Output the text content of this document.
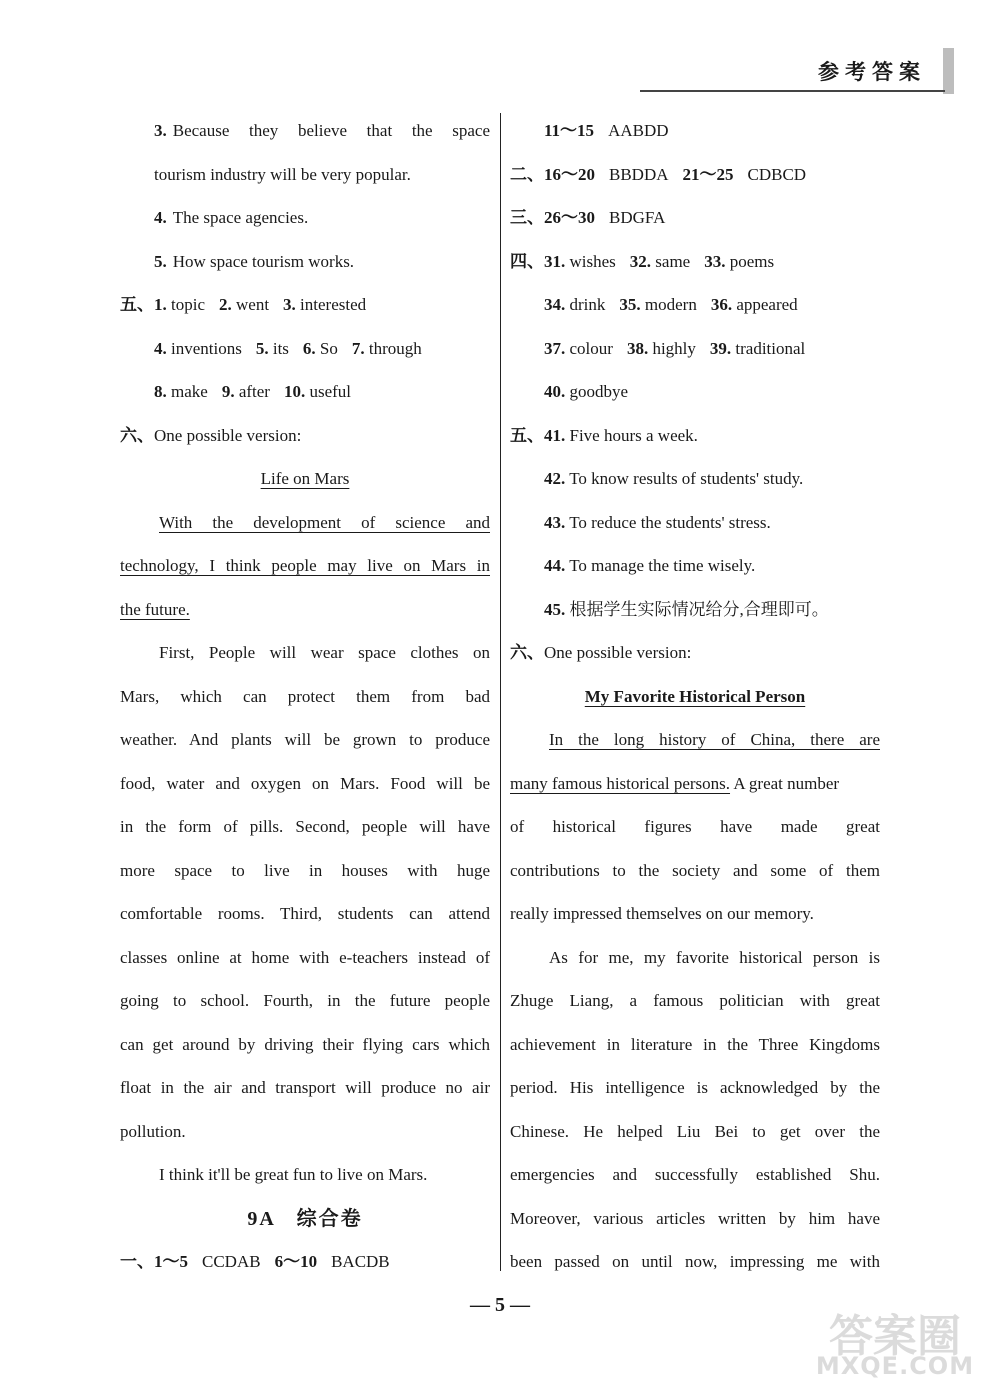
参考答案
3. Because they believe that the space
tourism industry will be very popular.
4. The space agencies.
5. How space tourism works.
五、1. topic 2. went 3. interested
4. inventions 5. its 6. So 7. through
8. make 9. after 10. useful
六、One possible version:
Life on Mars
With the development of science and
technology, I think people may live on Mars in
the future.
First, People will wear space clothes on
Mars, which can protect them from bad
weather. And plants will be grown to produce
food, water and oxygen on Mars. Food will be
in the form of pills. Second, people will have
more space to live in houses with huge
comfortable rooms. Third, students can attend
classes online at home with e-teachers instead of
going to school. Fourth, in the future people
can get around by driving their flying cars which
float in the air and transport will produce no air
pollution.
I think it'll be great fun to live on Mars.
9A　综合卷
一、1～5 CCDAB 6～10 BACDB
11～15 AABDD
二、16～20 BBDDA 21～25 CDBCD
三、26～30 BDGFA
四、31. wishes 32. same 33. poems
34. drink 35. modern 36. appeared
37. colour 38. highly 39. traditional
40. goodbye
五、41. Five hours a week.
42. To know results of students' study.
43. To reduce the students' stress.
44. To manage the time wisely.
45. 根据学生实际情况给分,合理即可。
六、One possible version:
My Favorite Historical Person
In the long history of China, there are
many famous historical persons. A great number
of historical figures have made great
contributions to the society and some of them
really impressed themselves on our memory.
As for me, my favorite historical person is
Zhuge Liang, a famous politician with great
achievement in literature in the Three Kingdoms
period. His intelligence is acknowledged by the
Chinese. He helped Liu Bei to get over the
emergencies and successfully established Shu.
Moreover, various articles written by him have
been passed on until now, impressing me with
— 5 —
答案圈
MXQE.COM
